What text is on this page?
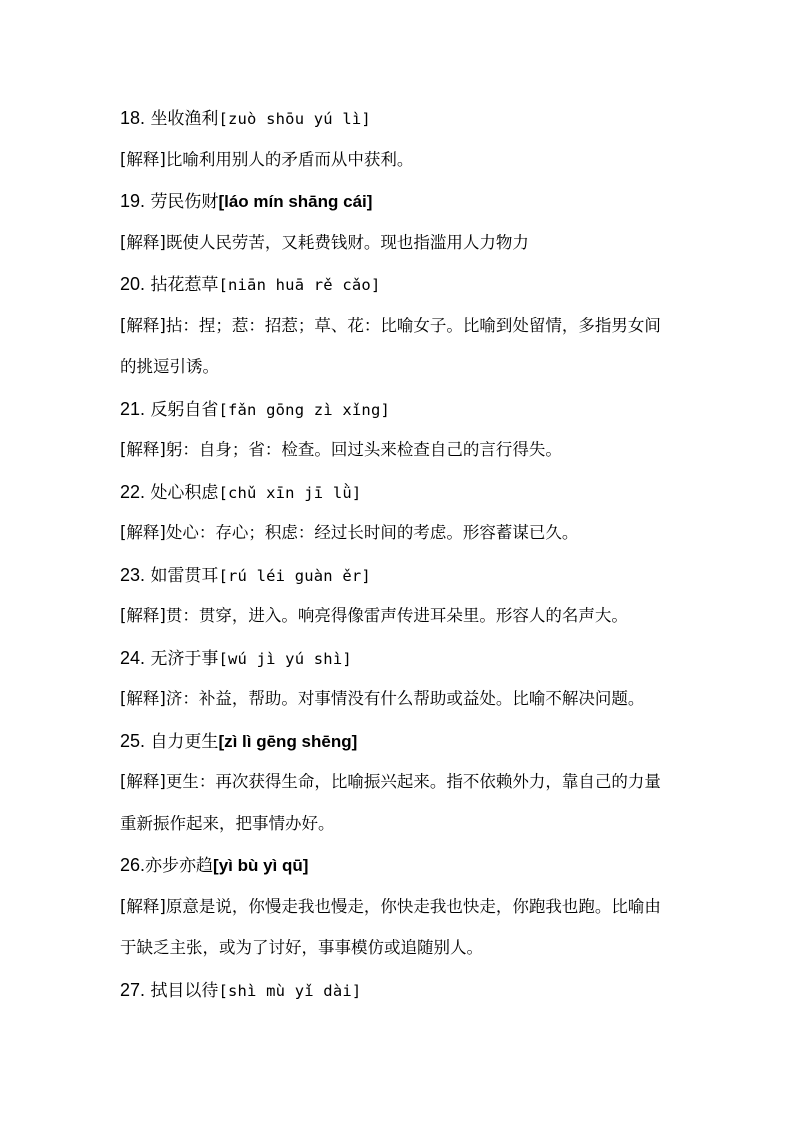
18. 坐收渔利[zuò shōu yú lì]
[解释]比喻利用别人的矛盾而从中获利。
19. 劳民伤财[láo mín shāng cái]
[解释]既使人民劳苦，又耗费钱财。现也指滥用人力物力
20. 拈花惹草[niān huā rě cǎo]
[解释]拈：捏；惹：招惹；草、花：比喻女子。比喻到处留情，多指男女间
的挑逗引诱。
21. 反躬自省[fǎn gōng zì xǐng]
[解释]躬：自身；省：检查。回过头来检查自己的言行得失。
22. 处心积虑[chǔ xīn jī lǜ]
[解释]处心：存心；积虑：经过长时间的考虑。形容蓄谋已久。
23. 如雷贯耳[rú léi guàn ěr]
[解释]贯：贯穿，进入。响亮得像雷声传进耳朵里。形容人的名声大。
24. 无济于事[wú jì yú shì]
[解释]济：补益，帮助。对事情没有什么帮助或益处。比喻不解决问题。
25. 自力更生[zì lì gēng shēng]
[解释]更生：再次获得生命，比喻振兴起来。指不依赖外力，靠自己的力量
重新振作起来，把事情办好。
26.亦步亦趋[yì bù yì qū]
[解释]原意是说，你慢走我也慢走，你快走我也快走，你跑我也跑。比喻由
于缺乏主张，或为了讨好，事事模仿或追随别人。
27. 拭目以待[shì mù yǐ dài]
